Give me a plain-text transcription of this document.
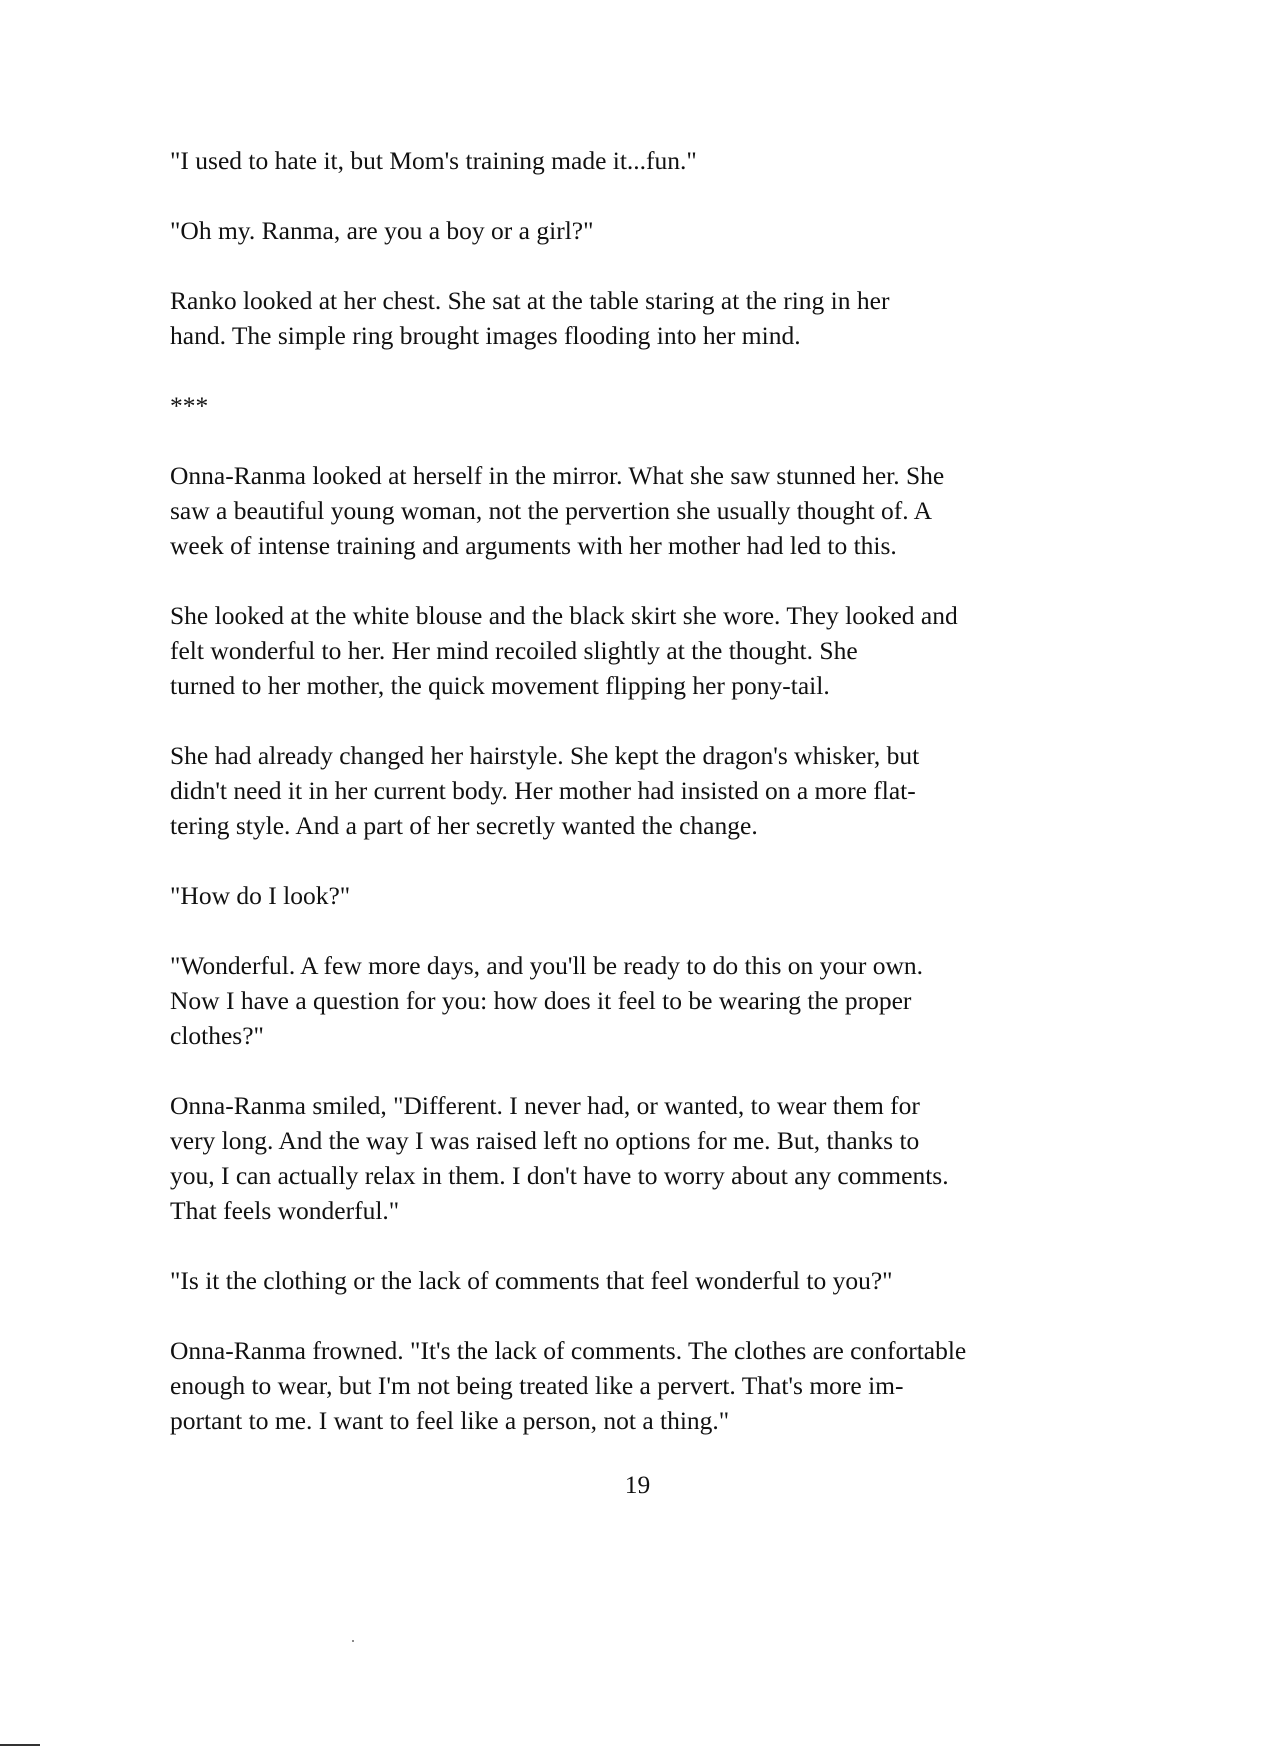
"I used to hate it, but Mom's training made it...fun."

"Oh my. Ranma, are you a boy or a girl?"

Ranko looked at her chest. She sat at the table staring at the ring in her
hand. The simple ring brought images flooding into her mind.

***

Onna-Ranma looked at herself in the mirror. What she saw stunned her. She
saw a beautiful young woman, not the pervertion she usually thought of. A
week of intense training and arguments with her mother had led to this.

She looked at the white blouse and the black skirt she wore. They looked and
felt wonderful to her. Her mind recoiled slightly at the thought. She
turned to her mother, the quick movement flipping her pony-tail.

She had already changed her hairstyle. She kept the dragon's whisker, but
didn't need it in her current body. Her mother had insisted on a more flat-
tering style. And a part of her secretly wanted the change.

"How do I look?"

"Wonderful. A few more days, and you'll be ready to do this on your own.
Now I have a question for you: how does it feel to be wearing the proper
clothes?"

Onna-Ranma smiled, "Different. I never had, or wanted, to wear them for
very long. And the way I was raised left no options for me. But, thanks to
you, I can actually relax in them. I don't have to worry about any comments.
That feels wonderful."

"Is it the clothing or the lack of comments that feel wonderful to you?"

Onna-Ranma frowned. "It's the lack of comments. The clothes are confortable
enough to wear, but I'm not being treated like a pervert. That's more im-
portant to me. I want to feel like a person, not a thing."

19
